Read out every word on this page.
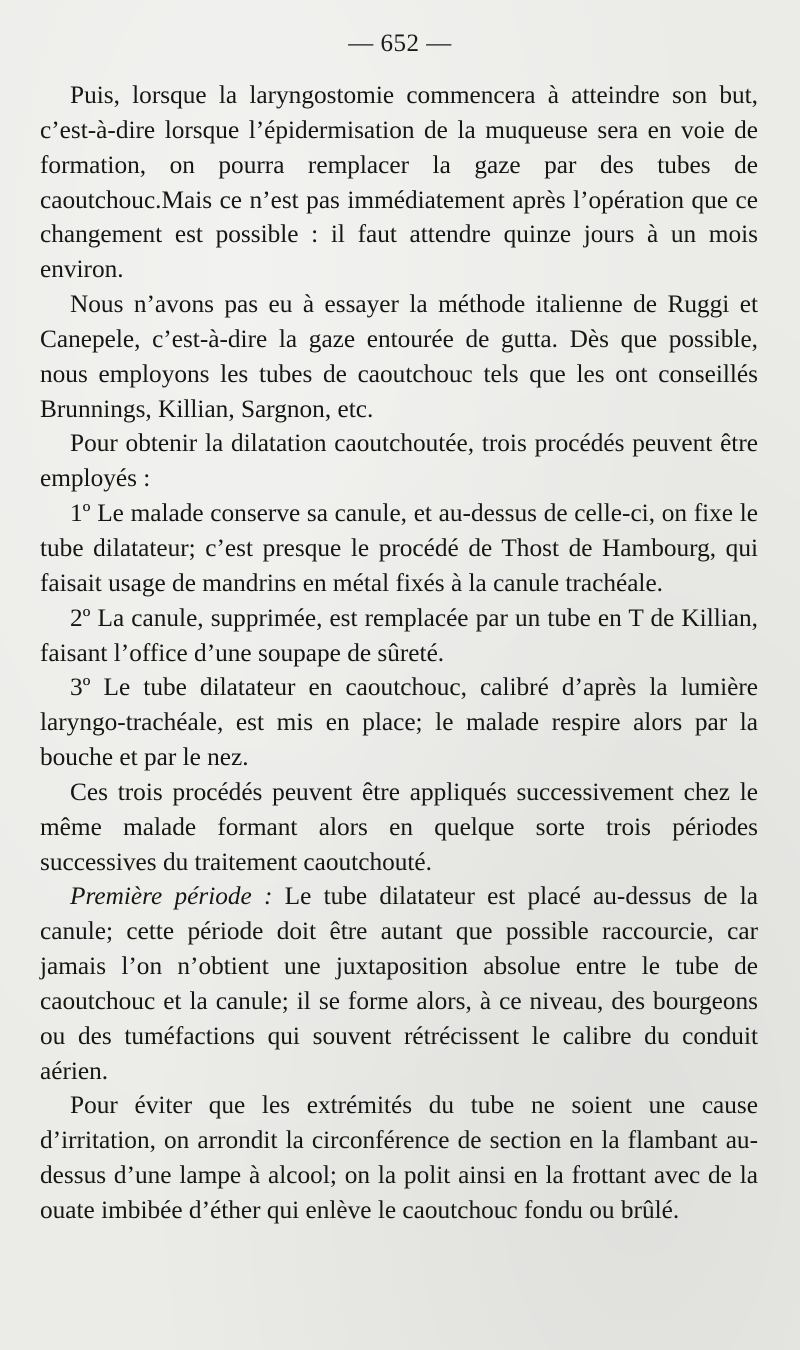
— 652 —

Puis, lorsque la laryngostomie commencera à atteindre son but, c’est-à-dire lorsque l’épidermisation de la muqueuse sera en voie de formation, on pourra remplacer la gaze par des tubes de caoutchouc.Mais ce n’est pas immédiatement après l’opération que ce changement est possible : il faut attendre quinze jours à un mois environ.

Nous n’avons pas eu à essayer la méthode italienne de Ruggi et Canepele, c’est-à-dire la gaze entourée de gutta. Dès que possible, nous employons les tubes de caoutchouc tels que les ont conseillés Brunnings, Killian, Sargnon, etc.

Pour obtenir la dilatation caoutchoutée, trois procédés peuvent être employés :

1º Le malade conserve sa canule, et au-dessus de celle-ci, on fixe le tube dilatateur; c’est presque le procédé de Thost de Hambourg, qui faisait usage de mandrins en métal fixés à la canule trachéale.

2º La canule, supprimée, est remplacée par un tube en T de Killian, faisant l’office d’une soupape de sûreté.

3º Le tube dilatateur en caoutchouc, calibré d’après la lumière laryngo-trachéale, est mis en place; le malade respire alors par la bouche et par le nez.

Ces trois procédés peuvent être appliqués successivement chez le même malade formant alors en quelque sorte trois périodes successives du traitement caoutchouté.

Première période : Le tube dilatateur est placé au-dessus de la canule; cette période doit être autant que possible raccourcie, car jamais l’on n’obtient une juxtaposition absolue entre le tube de caoutchouc et la canule; il se forme alors, à ce niveau, des bourgeons ou des tuméfactions qui souvent rétrécissent le calibre du conduit aérien.

Pour éviter que les extrémités du tube ne soient une cause d’irritation, on arrondit la circonférence de section en la flambant au-dessus d’une lampe à alcool; on la polit ainsi en la frottant avec de la ouate imbibée d’éther qui enlève le caoutchouc fondu ou brûlé.
